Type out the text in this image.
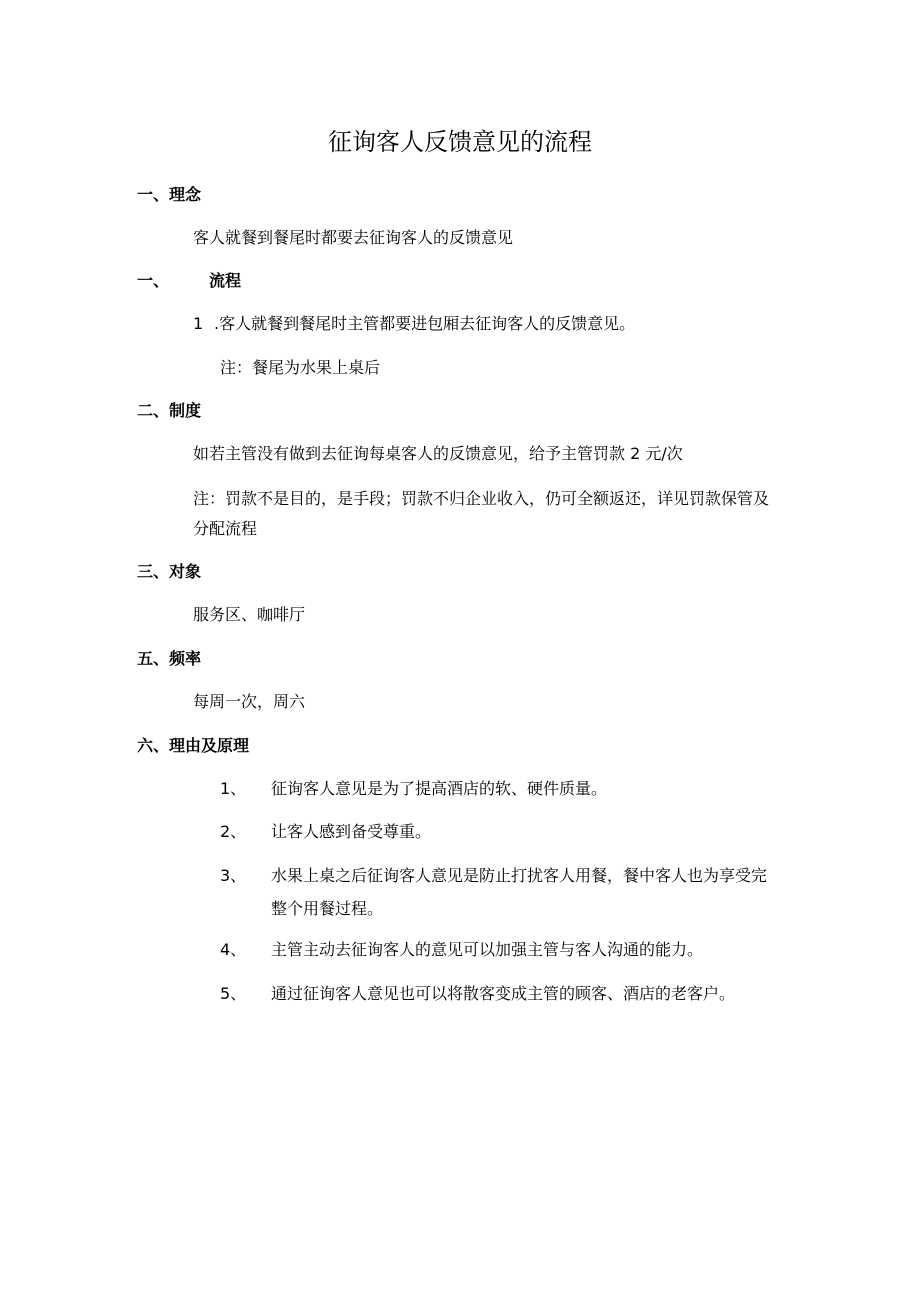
征询客人反馈意见的流程
一、理念
客人就餐到餐尾时都要去征询客人的反馈意见
一、	流程
1 .客人就餐到餐尾时主管都要进包厢去征询客人的反馈意见。
注：餐尾为水果上桌后
二、制度
如若主管没有做到去征询每桌客人的反馈意见，给予主管罚款 2 元/次
注：罚款不是目的，是手段；罚款不归企业收入，仍可全额返还，详见罚款保管及分配流程
三、对象
服务区、咖啡厅
五、频率
每周一次，周六
六、理由及原理
1、 征询客人意见是为了提高酒店的软、硬件质量。
2、 让客人感到备受尊重。
3、 水果上桌之后征询客人意见是防止打扰客人用餐，餐中客人也为享受完整个用餐过程。
4、 主管主动去征询客人的意见可以加强主管与客人沟通的能力。
5、 通过征询客人意见也可以将散客变成主管的顾客、酒店的老客户。
